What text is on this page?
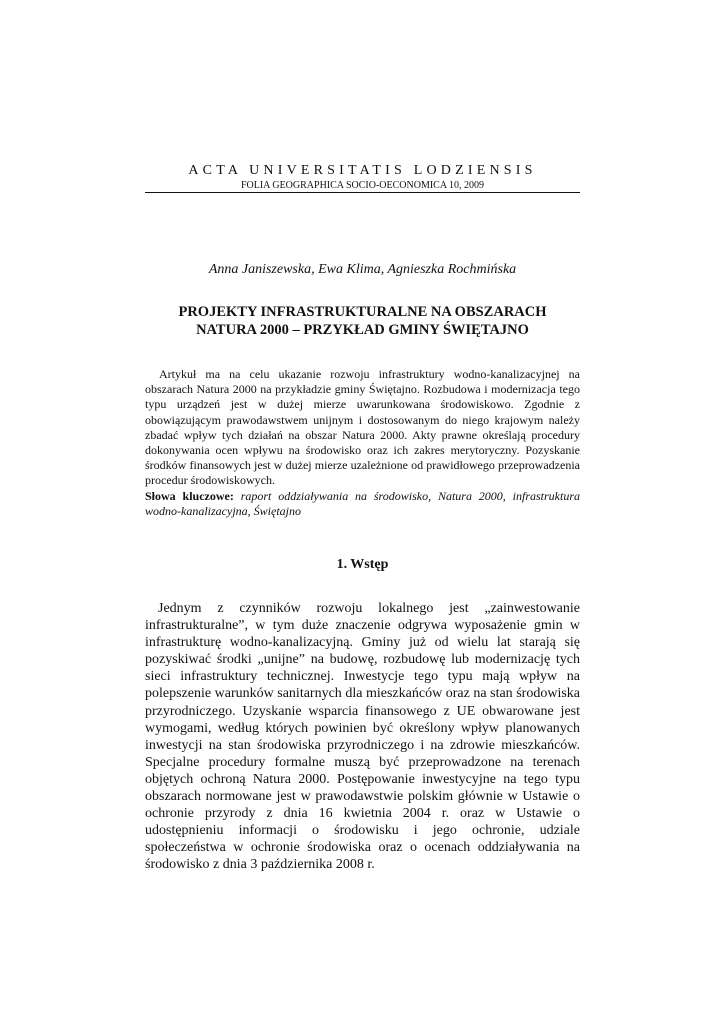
ACTA UNIVERSITATIS LODZIENSIS
FOLIA GEOGRAPHICA SOCIO-OECONOMICA 10, 2009
Anna Janiszewska, Ewa Klima, Agnieszka Rochmińska
PROJEKTY INFRASTRUKTURALNE NA OBSZARACH
NATURA 2000 – PRZYKŁAD GMINY ŚWIĘTAJNO

Artykuł ma na celu ukazanie rozwoju infrastruktury wodno-kanalizacyjnej na obszarach Natura 2000 na przykładzie gminy Świętajno. Rozbudowa i modernizacja tego typu urządzeń jest w dużej mierze uwarunkowana środowiskowo. Zgodnie z obowiązującym prawodawstwem unijnym i dostosowanym do niego krajowym należy zbadać wpływ tych działań na obszar Natura 2000. Akty prawne określają procedury dokonywania ocen wpływu na środowisko oraz ich zakres merytoryczny. Pozyskanie środków finansowych jest w dużej mierze uzależnione od prawidłowego przeprowadzenia procedur środowiskowych.

Słowa kluczowe: raport oddziaływania na środowisko, Natura 2000, infrastruktura wodno-kanalizacyjna, Świętajno

1. Wstęp

Jednym z czynników rozwoju lokalnego jest „zainwestowanie infrastrukturalne”, w tym duże znaczenie odgrywa wyposażenie gmin w infrastrukturę wodno-kanalizacyjną. Gminy już od wielu lat starają się pozyskiwać środki „unijne” na budowę, rozbudowę lub modernizację tych sieci infrastruktury technicznej. Inwestycje tego typu mają wpływ na polepszenie warunków sanitarnych dla mieszkańców oraz na stan środowiska przyrodniczego. Uzyskanie wsparcia finansowego z UE obwarowane jest wymogami, według których powinien być określony wpływ planowanych inwestycji na stan środowiska przyrodniczego i na zdrowie mieszkańców. Specjalne procedury formalne muszą być przeprowadzone na terenach objętych ochroną Natura 2000. Postępowanie inwestycyjne na tego typu obszarach normowane jest w prawodawstwie polskim głównie w Ustawie o ochronie przyrody z dnia 16 kwietnia 2004 r. oraz w Ustawie o udostępnieniu informacji o środowisku i jego ochronie, udziale społeczeństwa w ochronie środowiska oraz o ocenach oddziaływania na środowisko z dnia 3 października 2008 r.
